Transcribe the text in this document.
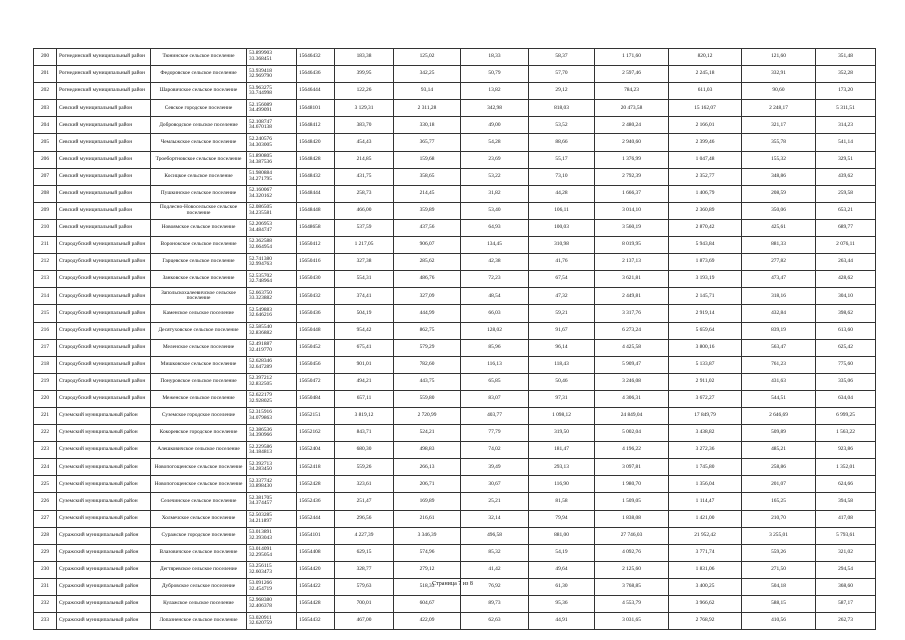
200	Рогнединский муниципальный район	Тюнинское сельское поселение	53.899903
33.368451	15646432	183,38	125,02	18,33	58,37	1 171,60	820,12	121,60	351,48
201	Рогнединский муниципальный район	Федоровское сельское поселение	53.939418
32.969790	15646436	399,95	342,25	50,79	57,70	2 597,46	2 245,18	332,91	352,28
202	Рогнединский муниципальный район	Шаровичское сельское поселение	53.963275
33.744998	15646444	122,26	93,14	13,82	29,12	784,23	611,03	90,60	173,20
203	Севский муниципальный район	Севское городское поселение	52.156089
34.499091	15648101	3 129,31	2 311,28	342,98	818,03	20 473,58	15 162,07	2 248,17	5 311,51
204	Севский муниципальный район	Доброводское сельское поселение	52.108747
34.670138	15648412	383,70	330,18	49,00	53,52	2 480,24	2 166,01	321,17	314,23
205	Севский муниципальный район	Чемлыжское сельское поселение	52.240576
34.303005	15648420	454,43	365,77	54,28	88,66	2 940,60	2 399,46	355,78	541,14
206	Севский муниципальный район	Троебортновское сельское поселение	51.890805
34.387536	15648428	214,85	159,68	23,69	55,17	1 376,99	1 047,48	155,32	329,51
207	Севский муниципальный район	Косицкое сельское поселение	51.980884
34.271795	15648432	431,75	358,65	53,22	73,10	2 792,39	2 352,77	348,86	439,62
208	Севский муниципальный район	Пушкинское сельское поселение	52.160067
34.320162	15648444	258,73	214,45	31,82	44,28	1 666,37	1 406,79	208,59	259,58
209	Севский муниципальный район	Подлесно-Новосельское сельское поселение	52.086505
34.235581	15648448	466,00	359,89	53,40	106,11	3 014,10	2 360,89	350,06	653,21
210	Севский муниципальный район	Новоямское сельское поселение	52.206953
34.484747	15648658	537,59	437,56	64,93	100,03	3 560,19	2 870,42	425,61	689,77
211	Стародубский муниципальный район	Воронокское сельское поселение	52.362588
32.664954	15650412	1 217,05	906,07	134,45	310,98	8 019,95	5 943,84	881,33	2 076,11
212	Стародубский муниципальный район	Гарцевское сельское поселение	52.741380
32.994763	15650416	327,38	285,62	42,38	41,76	2 137,13	1 873,69	277,82	263,44
213	Стародубский муниципальный район	Занковское сельское поселение	52.535702
32.748964	15650430	554,31	486,76	72,23	67,54	3 621,81	3 193,19	473,47	428,62
214	Стародубский муниципальный район	Запольскохалеевичское сельское поселение	52.663750
33.323882	15650432	374,41	327,09	48,54	47,32	2 449,81	2 145,71	318,16	304,10
215	Стародубский муниципальный район	Каменское сельское поселение	52.549883
32.646216	15650436	504,19	444,99	66,03	59,21	3 317,76	2 919,14	432,84	398,62
216	Стародубский муниципальный район	Десятуховское сельское поселение	52.585540
32.836882	15650448	954,42	862,75	128,02	91,67	6 273,24	5 659,64	839,19	613,60
217	Стародубский муниципальный район	Меленское сельское поселение	52.491887
32.419770	15650452	675,41	579,29	85,96	96,14	4 425,58	3 800,16	563,47	625,42
218	Стародубский муниципальный район	Мишковское сельское поселение	52.628346
32.647289	15650456	901,01	782,60	116,13	118,43	5 909,47	5 133,87	761,23	775,60
219	Стародубский муниципальный район	Понуровское сельское поселение	52.397212
32.832505	15650472	494,21	443,75	65,85	50,46	3 246,08	2 911,02	431,63	335,06
220	Стародубский муниципальный район	Меженское сельское поселение	52.622179
32.928025	15650484	657,11	559,80	83,07	97,31	4 306,31	3 672,27	544,51	634,04
221	Суземский муниципальный район	Суземское городское поселение	52.315916
34.079863	15652151	3 819,12	2 720,99	403,77	1 098,12	24 849,04	17 849,79	2 646,69	6 999,25
222	Суземский муниципальный район	Кокоревское городское поселение	52.386536
34.390966	15652162	843,71	524,21	77,79	319,50	5 002,04	3 438,82	509,89	1 563,22
223	Суземский муниципальный район	Алешковичское сельское поселение	52.229586
34.184813	15652404	680,30	498,83	74,02	181,47	4 196,22	3 272,36	485,21	923,86
224	Суземский муниципальный район	Новопогощенское сельское поселение	52.392713
34.283450	15652418	559,26	266,13	39,49	293,13	3 097,81	1 745,80	258,86	1 352,01
225	Суземский муниципальный район	Новопогощенское сельское поселение	52.337742
33.898430	15652428	323,61	206,71	30,67	116,90	1 980,70	1 356,04	201,07	624,66
226	Суземский муниципальный район	Селечинское сельское поселение	52.381705
34.374457	15652436	251,47	169,89	25,21	81,58	1 509,05	1 114,47	165,25	394,58
227	Суземский муниципальный район	Холмечское сельское поселение	52.503285
34.211897	15652444	296,56	216,61	32,14	79,94	1 838,08	1 421,00	210,70	417,08
228	Суражский муниципальный район	Суражское городское поселение	53.013891
32.393043	15654101	4 227,39	3 346,39	496,58	881,00	27 746,03	21 952,42	3 255,01	5 793,61
229	Суражский муниципальный район	Влазовичское сельское поселение	53.014091
32.295054	15654408	629,15	574,96	85,32	54,19	4 092,76	3 771,74	559,26	321,02
230	Суражский муниципальный район	Дегтяревское сельское поселение	53.256115
32.603473	15654420	328,77	279,12	41,42	49,64	2 125,60	1 831,06	271,50	294,54
231	Суражский муниципальный район	Дубровское сельское поселение	53.091266
32.454719	15654422	579,63	518,33	76,92	61,30	3 768,85	3 400,25	504,18	368,60
232	Суражский муниципальный район	Кулажское сельское поселение	52.968380
32.406378	15654428	700,01	604,67	89,73	95,36	4 553,79	3 966,62	588,15	587,17
233	Суражский муниципальный район	Лопазненское сельское поселение	53.020911
32.620759	15654432	467,00	422,09	62,63	44,91	3 031,65	2 768,92	410,56	262,73
Страница 7 из 8
